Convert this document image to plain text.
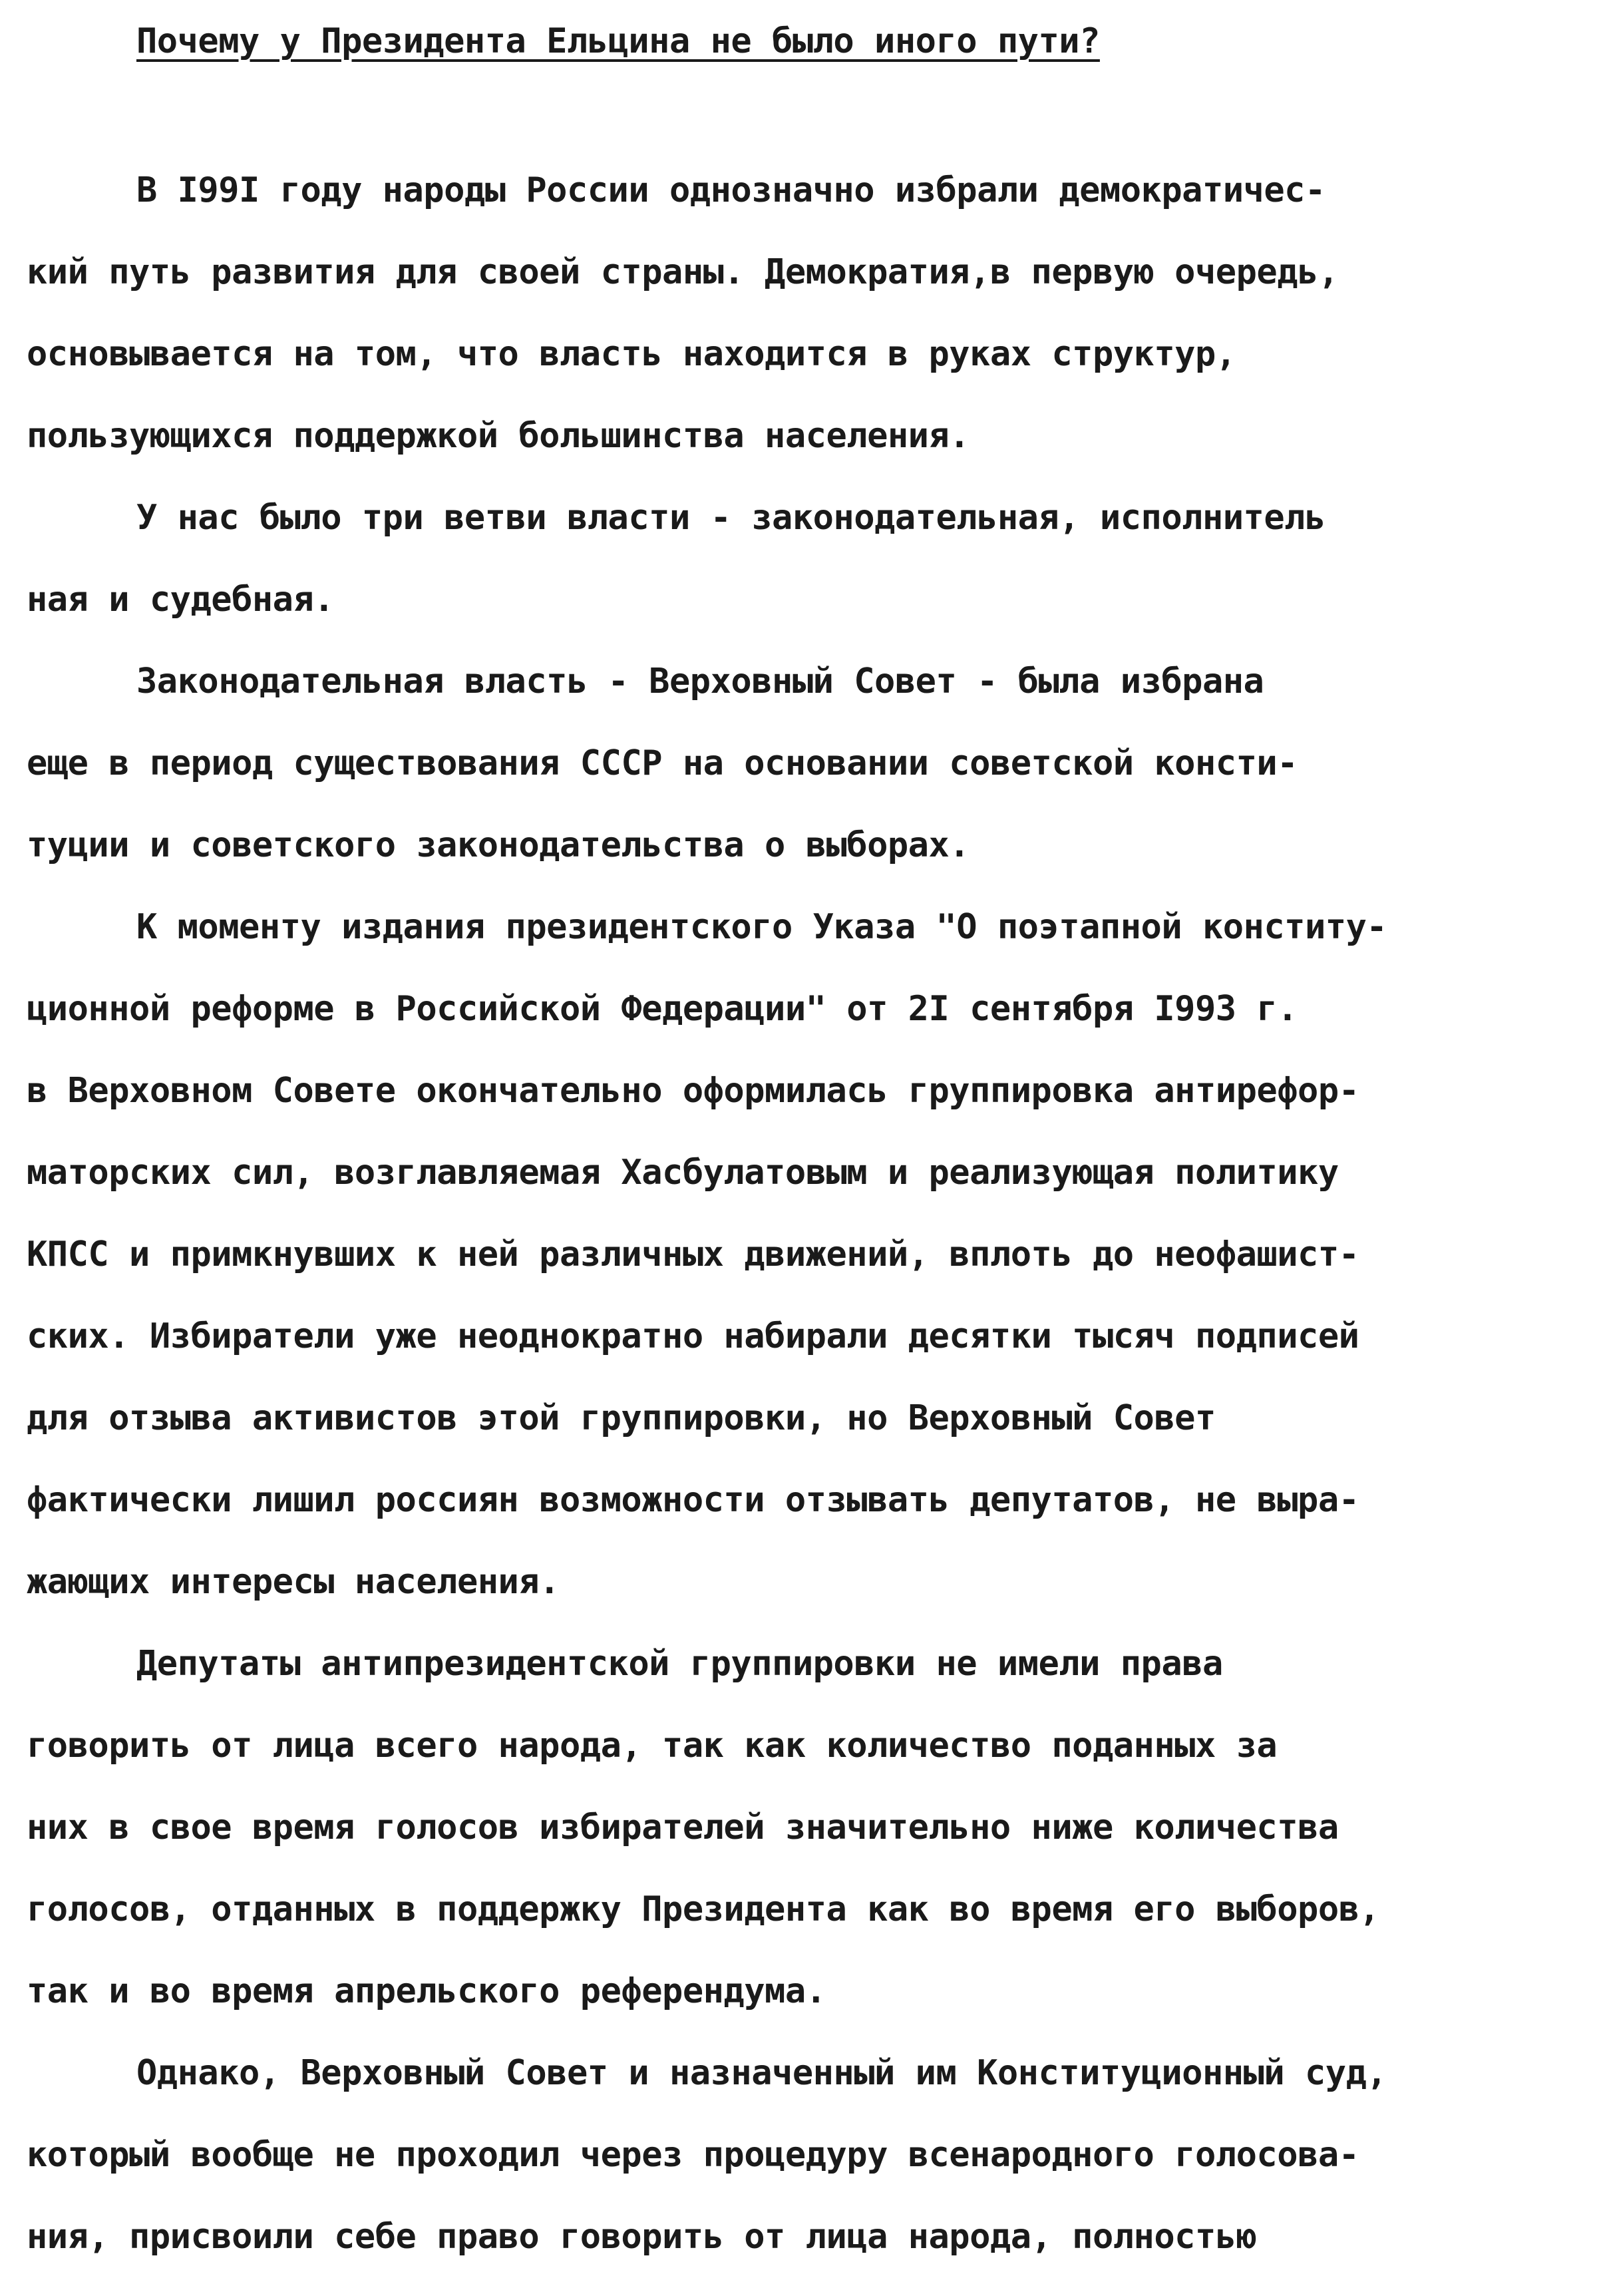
Почему у Президента Ельцина не было иного пути?
В I99I году народы России однозначно избрали демократичес-
кий путь развития для своей страны. Демократия,в первую очередь,
основывается на том, что власть находится в руках структур,
пользующихся поддержкой большинства населения.
У нас было три ветви власти - законодательная, исполнитель
ная и судебная.
Законодательная власть - Верховный Совет - была избрана
еще в период существования СССР на основании советской консти-
туции и советского законодательства о выборах.
К моменту издания президентского Указа "О поэтапной конститу-
ционной реформе в Российской Федерации" от 2I сентября I993 г.
в Верховном Совете окончательно оформилась группировка антирефор-
маторских сил, возглавляемая Хасбулатовым и реализующая политику
КПСС и примкнувших к ней различных движений, вплоть до неофашист-
ских. Избиратели уже неоднократно набирали десятки тысяч подписей
для отзыва активистов этой группировки, но Верховный Совет
фактически лишил россиян возможности отзывать депутатов, не выра-
жающих интересы населения.
Депутаты антипрезидентской группировки не имели права
говорить от лица всего народа, так как количество поданных за
них в свое время голосов избирателей значительно ниже количества
голосов, отданных в поддержку Президента как во время его выборов,
так и во время апрельского референдума.
Однако, Верховный Совет и назначенный им Конституционный суд,
который вообще не проходил через процедуру всенародного голосова-
ния, присвоили себе право говорить от лица народа, полностью
